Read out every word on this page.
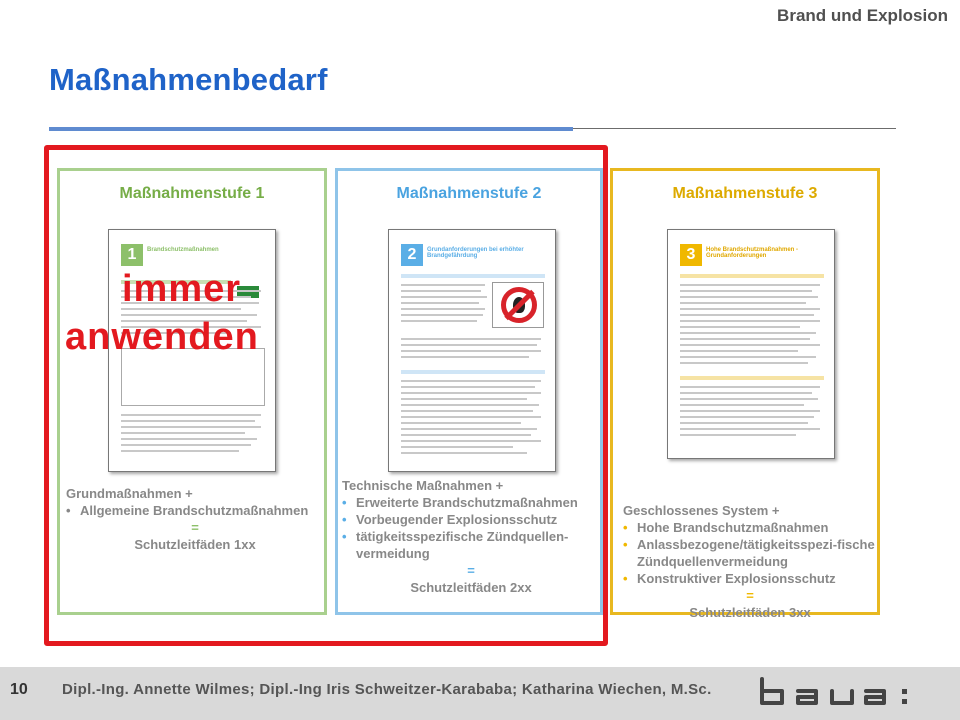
Brand und Explosion
Maßnahmenbedarf
Maßnahmenstufe 1
1	Brandschutzmaßnahmen
Grundmaßnahmen +
• Allgemeine Brandschutzmaßnahmen
=
Schutzleitfäden 1xx
Maßnahmenstufe 2
2	Grundanforderungen bei erhöhter Brandgefährdung
Technische Maßnahmen +
• Erweiterte Brandschutzmaßnahmen
• Vorbeugender Explosionsschutz
• tätigkeitsspezifische Zündquellen-vermeidung
=
Schutzleitfäden 2xx
Maßnahmenstufe 3
3	Hohe Brandschutzmaßnahmen - Grundanforderungen
Geschlossenes System +
• Hohe Brandschutzmaßnahmen
• Anlassbezogene/tätigkeitsspezi-fische Zündquellenvermeidung
• Konstruktiver Explosionsschutz
=
Schutzleitfäden 3xx
immer
anwenden
10 Dipl.-Ing. Annette Wilmes; Dipl.-Ing Iris Schweitzer-Karababa; Katharina Wiechen, M.Sc.
